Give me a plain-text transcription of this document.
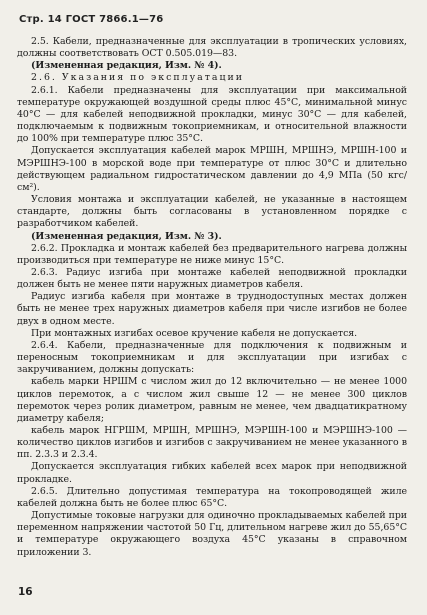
Стр. 14 ГОСТ 7866.1—76

2.5. Кабели, предназначенные для эксплуатации в тропических условиях, должны соответствовать ОСТ 0.505.019—83.

(Измененная редакция, Изм. № 4).

2.6. Указания по эксплуатации

2.6.1. Кабели предназначены для эксплуатации при максимальной температуре окружающей воздушной среды плюс 45°С, минимальной минус 40°С — для кабелей неподвижной прокладки, минус 30°С — для кабелей, подключаемым к подвижным токоприемникам, и относительной влажности до 100% при температуре плюс 35°С.

Допускается эксплуатация кабелей марок МРШН, МРШНЭ, МРШН-100 и МЭРШНЭ-100 в морской воде при температуре от плюс 30°С и длительно действующем радиальном гидростатическом давлении до 4,9 МПа (50 кгс/см²).

Условия монтажа и эксплуатации кабелей, не указанные в настоящем стандарте, должны быть согласованы в установленном порядке с разработчиком кабелей.

(Измененная редакция, Изм. № 3).

2.6.2. Прокладка и монтаж кабелей без предварительного нагрева должны производиться при температуре не ниже минус 15°С.

2.6.3. Радиус изгиба при монтаже кабелей неподвижной прокладки должен быть не менее пяти наружных диаметров кабеля.

Радиус изгиба кабеля при монтаже в труднодоступных местах должен быть не менее трех наружных диаметров кабеля при числе изгибов не более двух в одном месте.

При монтажных изгибах осевое кручение кабеля не допускается.

2.6.4. Кабели, предназначенные для подключения к подвижным и переносным токоприемникам и для эксплуатации при изгибах с закручиванием, должны допускать:

кабель марки НРШМ с числом жил до 12 включительно — не менее 1000 циклов перемоток, а с числом жил свыше 12 — не менее 300 циклов перемоток через ролик диаметром, равным не менее, чем двадцатикратному диаметру кабеля;

кабель марок НГРШМ, МРШН, МРШНЭ, МЭРШН-100 и МЭРШНЭ-100 — количество циклов изгибов и изгибов с закручиванием не менее указанного в пп. 2.3.3 и 2.3.4.

Допускается эксплуатация гибких кабелей всех марок при неподвижной прокладке.

2.6.5. Длительно допустимая температура на токопроводящей жиле кабелей должна быть не более плюс 65°С.

Допустимые токовые нагрузки для одиночно прокладываемых кабелей при переменном напряжении частотой 50 Гц, длительном нагреве жил до 55,65°С и температуре окружающего воздуха 45°С указаны в справочном приложении 3.

16
